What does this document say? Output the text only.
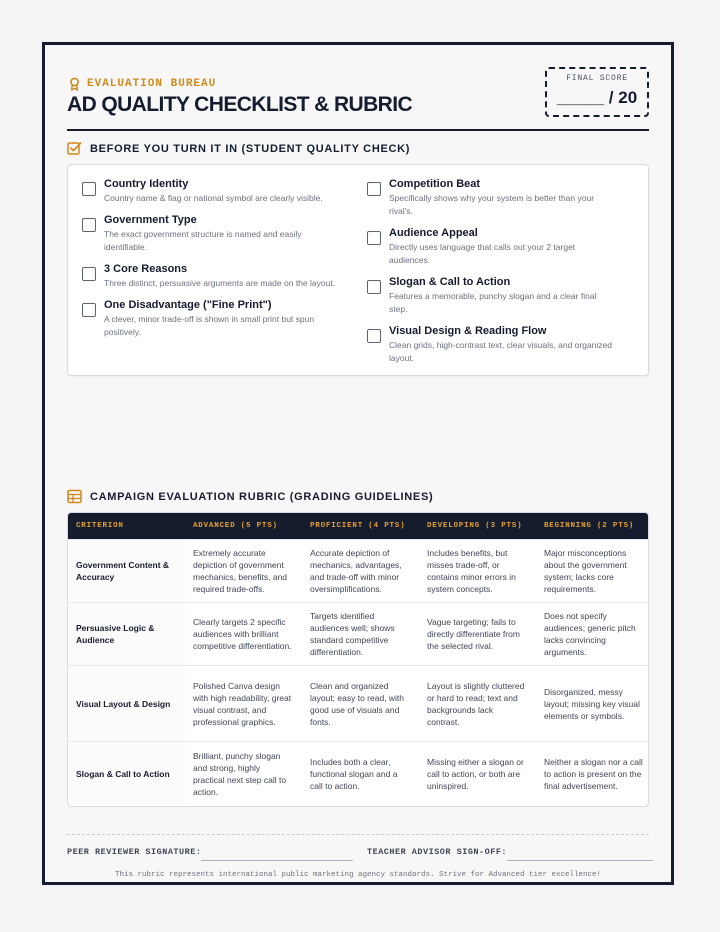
EVALUATION BUREAU
AD QUALITY CHECKLIST & RUBRIC
FINAL SCORE
_____ / 20
BEFORE YOU TURN IT IN (STUDENT QUALITY CHECK)
Country Identity
Country name & flag or national symbol are clearly visible.
Government Type
The exact government structure is named and easily identifiable.
3 Core Reasons
Three distinct, persuasive arguments are made on the layout.
One Disadvantage ("Fine Print")
A clever, minor trade-off is shown in small print but spun positively.
Competition Beat
Specifically shows why your system is better than your rival's.
Audience Appeal
Directly uses language that calls out your 2 target audiences.
Slogan & Call to Action
Features a memorable, punchy slogan and a clear final step.
Visual Design & Reading Flow
Clean grids, high-contrast text, clear visuals, and organized layout.
CAMPAIGN EVALUATION RUBRIC (GRADING GUIDELINES)
CRITERION	ADVANCED (5 PTS)	PROFICIENT (4 PTS)	DEVELOPING (3 PTS)	BEGINNING (2 PTS)
Government Content & Accuracy	Extremely accurate depiction of government mechanics, benefits, and required trade-offs.	Accurate depiction of mechanics, advantages, and trade-off with minor oversimplifications.	Includes benefits, but misses trade-off, or contains minor errors in system concepts.	Major misconceptions about the government system; lacks core requirements.
Persuasive Logic & Audience	Clearly targets 2 specific audiences with brilliant competitive differentiation.	Targets identified audiences well; shows standard competitive differentiation.	Vague targeting; fails to directly differentiate from the selected rival.	Does not specify audiences; generic pitch lacks convincing arguments.
Visual Layout & Design	Polished Canva design with high readability, great visual contrast, and professional graphics.	Clean and organized layout; easy to read, with good use of visuals and fonts.	Layout is slightly cluttered or hard to read; text and backgrounds lack contrast.	Disorganized, messy layout; missing key visual elements or symbols.
Slogan & Call to Action	Brilliant, punchy slogan and strong, highly practical next step call to action.	Includes both a clear, functional slogan and a call to action.	Missing either a slogan or call to action, or both are uninspired.	Neither a slogan nor a call to action is present on the final advertisement.
PEER REVIEWER SIGNATURE:	TEACHER ADVISOR SIGN-OFF:
This rubric represents international public marketing agency standards. Strive for Advanced tier excellence!
